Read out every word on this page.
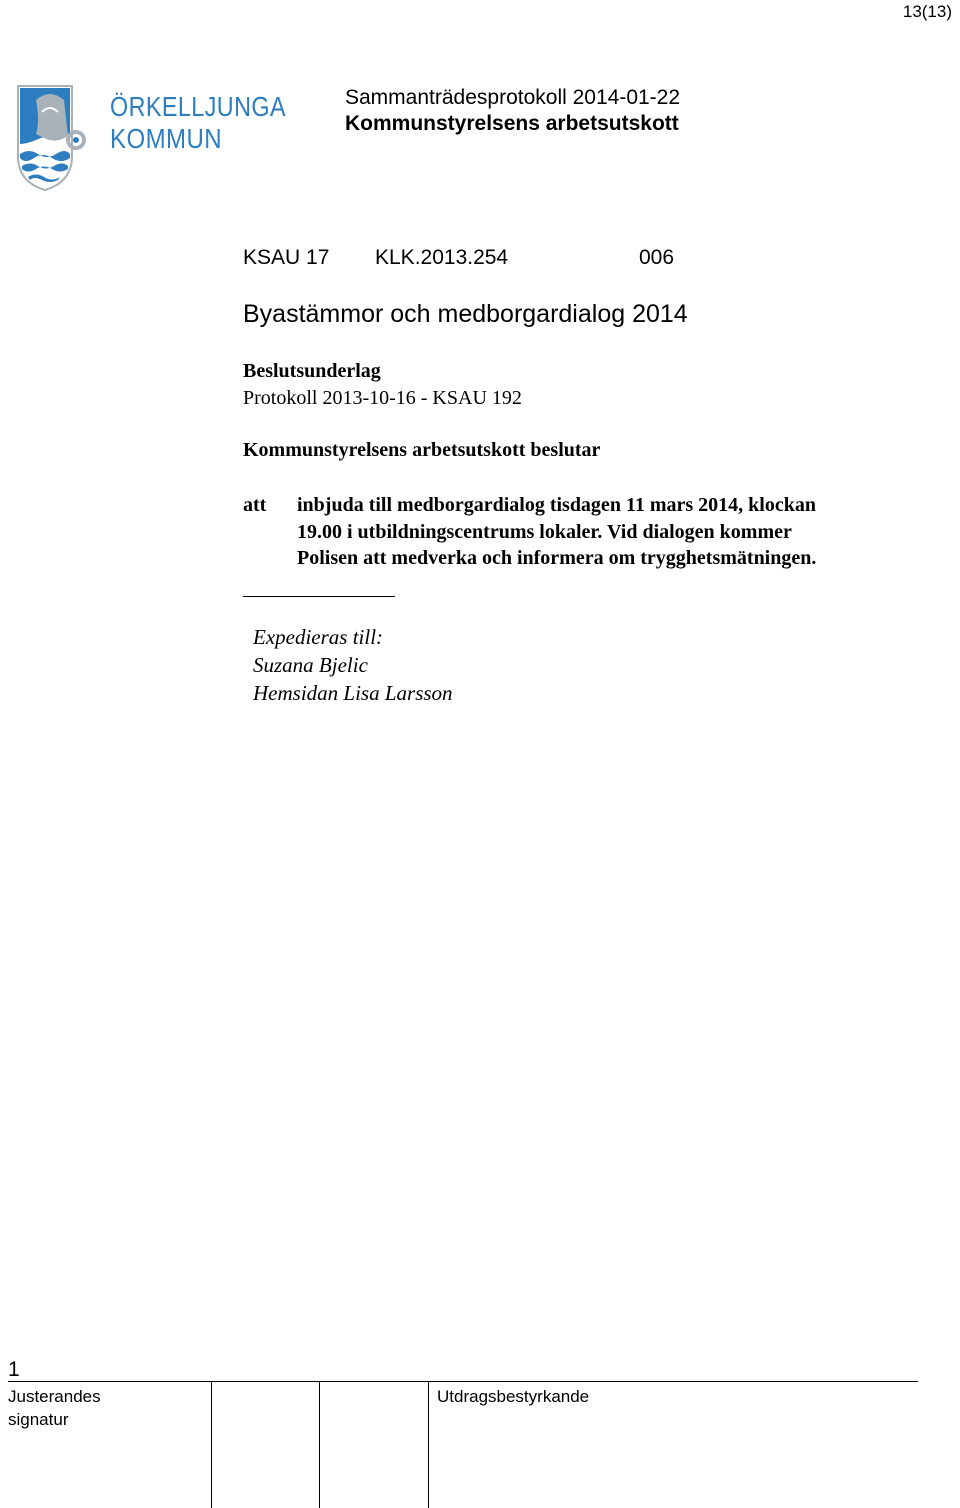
13(13)
ÖRKELLJUNGA
KOMMUN
Sammanträdesprotokoll 2014-01-22
Kommunstyrelsens arbetsutskott
KSAU 17 KLK.2013.254	006
Byastämmor och medborgardialog 2014
Beslutsunderlag
Protokoll 2013-10-16 - KSAU 192
Kommunstyrelsens arbetsutskott beslutar
att inbjuda till medborgardialog tisdagen 11 mars 2014, klockan
19.00 i utbildningscentrums lokaler. Vid dialogen kommer
Polisen att medverka och informera om trygghetsmätningen.
Expedieras till:
Suzana Bjelic
Hemsidan Lisa Larsson
1
Justerandes
signatur
Utdragsbestyrkande
